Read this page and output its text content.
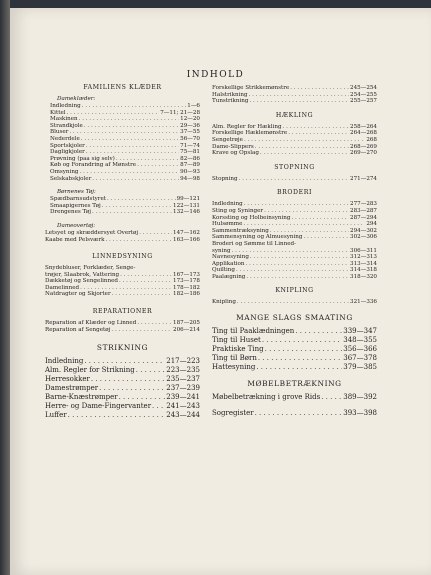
INDHOLD

FAMILIENS KLÆDER

Dameklæder:

Indledning . . .	1—6
Kittel . . .	7—11; 21—28
Maskinen . . .	12—20
Strandkjole . . .	29—36
Bluser . . .	37—55
Nederdele . . .	56—70
Sportskjoler . . .	71—74
Dagligkjoler . . .	75—81
Prøvning (paa sig selv) . . .	82—86
Køb og Forandring af Mønstre . . .	87—89
Omsyning . . .	90—93
Selskabskjoler . . .	94—98

Børnenes Tøj:

Spædbarnsudstyret . . .	99—121
Smaapigernes Tøj . . .	122—131
Drengenes Tøj . . .	132—146

Dameovertøj:

Letsyet og skræddersyet Overtøj . . .	147—162
Kaabe med Pelsværk . . .	163—166

LINNEDSYNING

Snydebluser, Forklæder, Senge-
trøjer, Slaabrok, Vattering . . .	167—173
Dækketøj og Sengelinned . . .	173—178
Damelinned . . .	178—182
Natdragter og Skjorter . . .	182—186

REPARATIONER

Reparation af Klæder og Linned . . .	187—205
Reparation af Sengetøj . . .	206—214

STRIKNING

Indledning . . .	217—223
Alm. Regler for Strikning . . .	223—235
Herresokker . . .	235—237
Damestrømper . . .	237—239
Barne-Knæstrømper . . .	239—241
Herre- og Dame-Fingervanter . . . 241—243
Luffer . . .	243—244
Forskellige Strikkemønstre . . .	245—254
Halstrikning . . .	254—255
Tunstrikning . . .	255—257

HÆKLING

Alm. Regler for Hækling . . .	258—264
Forskellige Hæklemønstre . . .	264—268
Sengetrøje . . .	268
Dame-Slippers . . .	268—269
Krave og Opslag . . .	269—270

STOPNING

Stopning . . .	271—274

BRODERI

Indledning . . .	277—283
Sting og Syninger . . .	283—287
Korssting og Holbeinsyning . . .	287—294
Hulsømme . . .	294
Sammentræksyning . . .	294—302
Sammensyning og Almuesyning . . .	302—306
Broderi og Sømme til Linned-
syning . . .	306—311
Navnesyning . . .	312—313
Applikation . . .	313—314
Quilting . . .	314—318
Paalægning . . .	318—320

KNIPLING

Knipling . . .	321—336

MANGE SLAGS SMAATING

Ting til Paaklædningen . . .	339—347
Ting til Huset . . .	348—355
Praktiske Ting . . .	356—366
Ting til Børn . . .	367—378
Hattesyning . . .	379—385

MØBELBETRÆKNING

Møbelbetrækning i grove Rids . . .	389—392
Sogregister . . .	393—398
